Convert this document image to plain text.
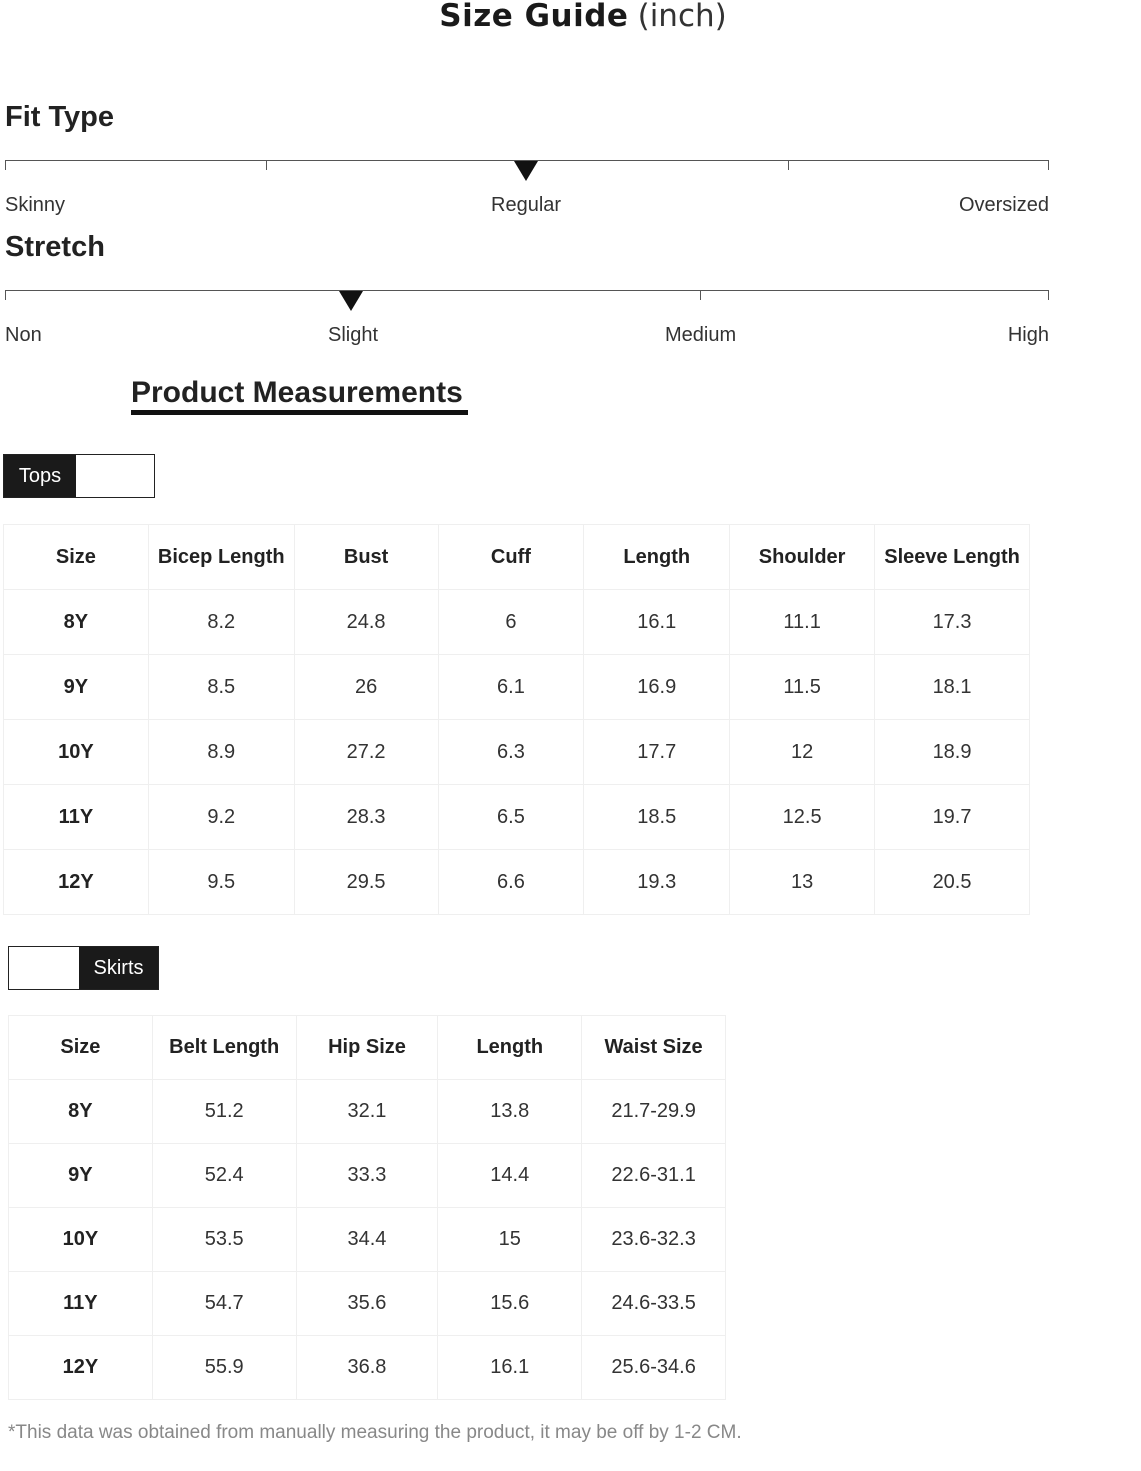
Size Guide (inch)
Fit Type
Skinny	Regular	Oversized
Stretch
Non	Slight	Medium	High
Product Measurements
Tops
Size	Bicep Length	Bust	Cuff	Length	Shoulder	Sleeve Length
8Y	8.2	24.8	6	16.1	11.1	17.3
9Y	8.5	26	6.1	16.9	11.5	18.1
10Y	8.9	27.2	6.3	17.7	12	18.9
11Y	9.2	28.3	6.5	18.5	12.5	19.7
12Y	9.5	29.5	6.6	19.3	13	20.5
Skirts
Size	Belt Length	Hip Size	Length	Waist Size
8Y	51.2	32.1	13.8	21.7-29.9
9Y	52.4	33.3	14.4	22.6-31.1
10Y	53.5	34.4	15	23.6-32.3
11Y	54.7	35.6	15.6	24.6-33.5
12Y	55.9	36.8	16.1	25.6-34.6
*This data was obtained from manually measuring the product, it may be off by 1-2 CM.
